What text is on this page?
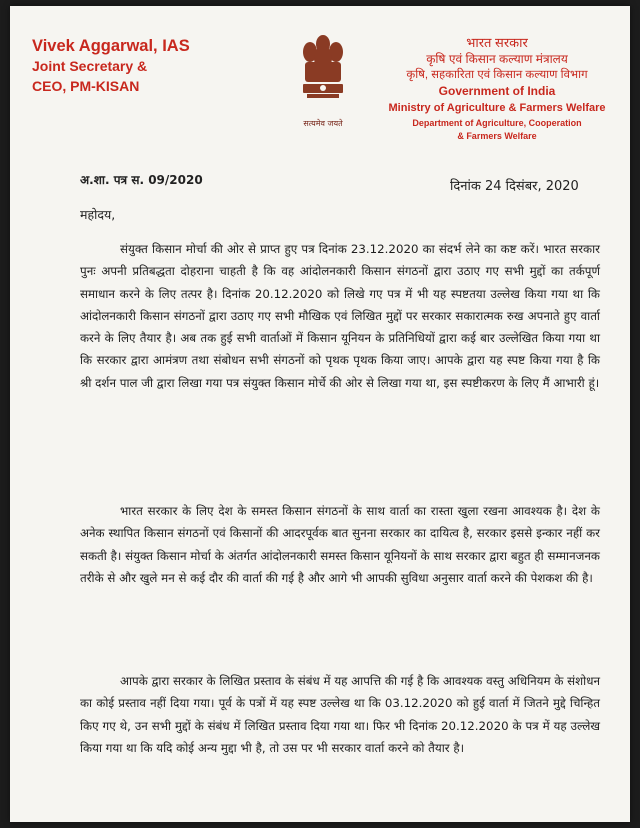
Vivek Aggarwal, IAS
Joint Secretary &
CEO, PM-KISAN
सत्यमेव जयते
भारत सरकार
कृषि एवं किसान कल्याण मंत्रालय
कृषि, सहकारिता एवं किसान कल्याण विभाग
Government of India
Ministry of Agriculture & Farmers Welfare
Department of Agriculture, Cooperation
& Farmers Welfare
अ.शा. पत्र स. 09/2020	दिनांक 24 दिसंबर, 2020
महोदय,
संयुक्त किसान मोर्चा की ओर से प्राप्त हुए पत्र दिनांक 23.12.2020 का संदर्भ लेने का कष्ट करें। भारत सरकार पुनः अपनी प्रतिबद्धता दोहराना चाहती है कि वह आंदोलनकारी किसान संगठनों द्वारा उठाए गए सभी मुद्दों का तर्कपूर्ण समाधान करने के लिए तत्पर है। दिनांक 20.12.2020 को लिखे गए पत्र में भी यह स्पष्टतया उल्लेख किया गया था कि आंदोलनकारी किसान संगठनों द्वारा उठाए गए सभी मौखिक एवं लिखित मुद्दों पर सरकार सकारात्मक रुख अपनाते हुए वार्ता करने के लिए तैयार है। अब तक हुई सभी वार्ताओं में किसान यूनियन के प्रतिनिधियों द्वारा कई बार उल्लेखित किया गया था कि सरकार द्वारा आमंत्रण तथा संबोधन सभी संगठनों को पृथक पृथक किया जाए। आपके द्वारा यह स्पष्ट किया गया है कि श्री दर्शन पाल जी द्वारा लिखा गया पत्र संयुक्त किसान मोर्चे की ओर से लिखा गया था, इस स्पष्टीकरण के लिए मैं आभारी हूं।
भारत सरकार के लिए देश के समस्त किसान संगठनों के साथ वार्ता का रास्ता खुला रखना आवश्यक है। देश के अनेक स्थापित किसान संगठनों एवं किसानों की आदरपूर्वक बात सुनना सरकार का दायित्व है, सरकार इससे इन्कार नहीं कर सकती है। संयुक्त किसान मोर्चा के अंतर्गत आंदोलनकारी समस्त किसान यूनियनों के साथ सरकार द्वारा बहुत ही सम्मानजनक तरीके से और खुले मन से कई दौर की वार्ता की गई है और आगे भी आपकी सुविधा अनुसार वार्ता करने की पेशकश की है।
आपके द्वारा सरकार के लिखित प्रस्ताव के संबंध में यह आपत्ति की गई है कि आवश्यक वस्तु अधिनियम के संशोधन का कोई प्रस्ताव नहीं दिया गया। पूर्व के पत्रों में यह स्पष्ट उल्लेख था कि 03.12.2020 को हुई वार्ता में जितने मुद्दे चिन्हित किए गए थे, उन सभी मुद्दों के संबंध में लिखित प्रस्ताव दिया गया था। फिर भी दिनांक 20.12.2020 के पत्र में यह उल्लेख किया गया था कि यदि कोई अन्य मुद्दा भी है, तो उस पर भी सरकार वार्ता करने को तैयार है।
